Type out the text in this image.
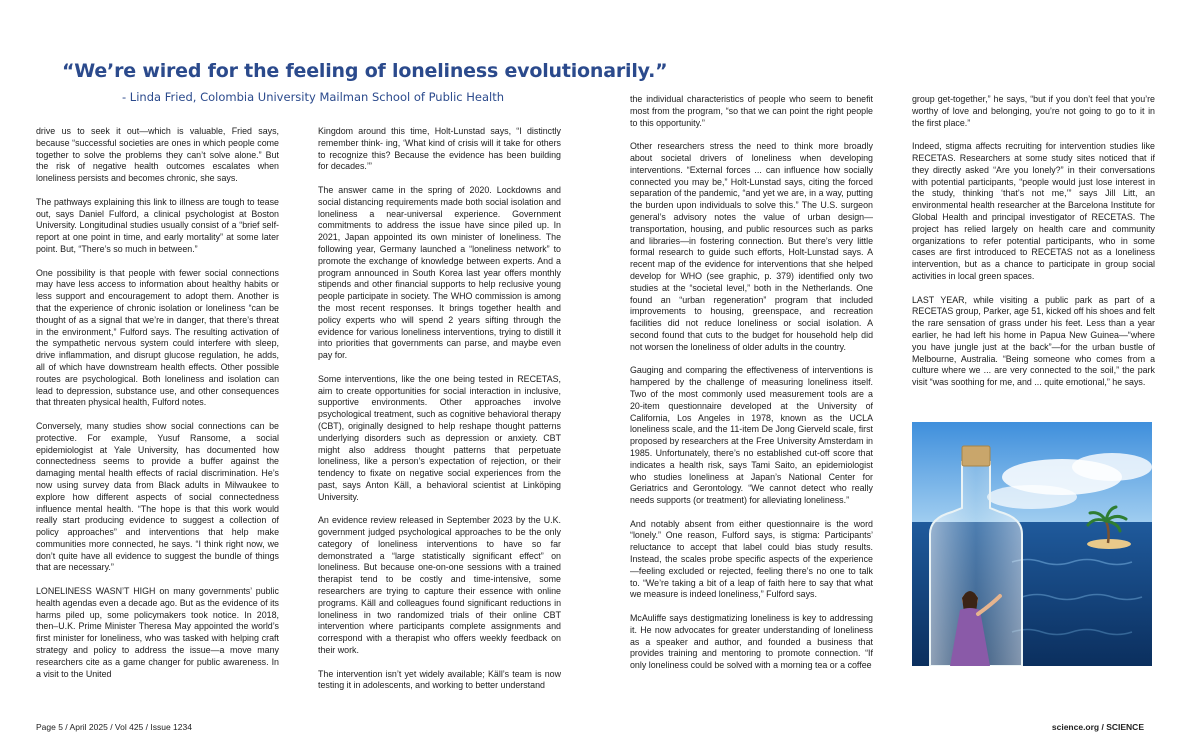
“We’re wired for the feeling of loneliness evolutionarily.”
- Linda Fried, Colombia University Mailman School of Public Health

drive us to seek it out—which is valuable, Fried says, because “successful societies are ones in which people come together to solve the problems they can’t solve alone.” But the risk of negative health outcomes escalates when loneliness persists and becomes chronic, she says.

The pathways explaining this link to illness are tough to tease out, says Daniel Fulford, a clinical psychologist at Boston University. Longitudinal studies usually consist of a “brief self-report at one point in time, and early mortality” at some later point. But, “There’s so much in between.”

One possibility is that people with fewer social connections may have less access to information about healthy habits or less support and encouragement to adopt them. Another is that the experience of chronic isolation or loneliness “can be thought of as a signal that we’re in danger, that there’s threat in the environment,” Fulford says. The resulting activation of the sympathetic nervous system could interfere with sleep, drive inflammation, and disrupt glucose regulation, he adds, all of which have downstream health effects. Other possible routes are psychological. Both loneliness and isolation can lead to depression, substance use, and other consequences that threaten physical health, Fulford notes.

Conversely, many studies show social connections can be protective. For example, Yusuf Ransome, a social epidemiologist at Yale University, has documented how connectedness seems to provide a buffer against the damaging mental health effects of racial discrimination. He’s now using survey data from Black adults in Milwaukee to explore how different aspects of social connectedness influence mental health. “The hope is that this work would really start producing evidence to suggest a collection of policy approaches” and interventions that help make communities more connected, he says. “I think right now, we don’t quite have all evidence to suggest the bundle of things that are necessary.”

LONELINESS WASN’T HIGH on many governments’ public health agendas even a decade ago. But as the evidence of its harms piled up, some policymakers took notice. In 2018, then–U.K. Prime Minister Theresa May appointed the world’s first minister for loneliness, who was tasked with helping craft strategy and policy to address the issue—a move many researchers cite as a game changer for public awareness. In a visit to the United

Kingdom around this time, Holt-Lunstad says, “I distinctly remember think- ing, ‘What kind of crisis will it take for others to recognize this? Because the evidence has been building for decades.’”

The answer came in the spring of 2020. Lockdowns and social distancing requirements made both social isolation and loneliness a near-universal experience. Government commitments to address the issue have since piled up. In 2021, Japan appointed its own minister of loneliness. The following year, Germany launched a “loneliness network” to promote the exchange of knowledge between experts. And a program announced in South Korea last year offers monthly stipends and other financial supports to help reclusive young people participate in society. The WHO commission is among the most recent responses. It brings together health and policy experts who will spend 2 years sifting through the evidence for various loneliness interventions, trying to distill it into priorities that governments can parse, and maybe even pay for.

Some interventions, like the one being tested in RECETAS, aim to create opportunities for social interaction in inclusive, supportive environments. Other approaches involve psychological treatment, such as cognitive behavioral therapy (CBT), originally designed to help reshape thought patterns underlying disorders such as depression or anxiety. CBT might also address thought patterns that perpetuate loneliness, like a person’s expectation of rejection, or their tendency to fixate on negative social experiences from the past, says Anton Käll, a behavioral scientist at Linköping University.

An evidence review released in September 2023 by the U.K. government judged psychological approaches to be the only category of loneliness interventions to have so far demonstrated a “large statistically significant effect” on loneliness. But because one-on-one sessions with a trained therapist tend to be costly and time-intensive, some researchers are trying to capture their essence with online programs. Käll and colleagues found significant reductions in loneliness in two randomized trials of their online CBT intervention where participants complete assignments and correspond with a therapist who offers weekly feedback on their work.

The intervention isn’t yet widely available; Käll’s team is now testing it in adolescents, and working to better understand

the individual characteristics of people who seem to benefit most from the program, “so that we can point the right people to this opportunity.”

Other researchers stress the need to think more broadly about societal drivers of loneliness when developing interventions. “External forces ... can influence how socially connected you may be,” Holt-Lunstad says, citing the forced separation of the pandemic, “and yet we are, in a way, putting the burden upon individuals to solve this.” The U.S. surgeon general’s advisory notes the value of urban design—transportation, housing, and public resources such as parks and libraries—in fostering connection. But there’s very little formal research to guide such efforts, Holt-Lunstad says. A recent map of the evidence for interventions that she helped develop for WHO (see graphic, p. 379) identified only two studies at the “societal level,” both in the Netherlands. One found an “urban regeneration” program that included improvements to housing, greenspace, and recreation facilities did not reduce loneliness or social isolation. A second found that cuts to the budget for household help did not worsen the loneliness of older adults in the country.

Gauging and comparing the effectiveness of interventions is hampered by the challenge of measuring loneliness itself. Two of the most commonly used measurement tools are a 20-item questionnaire developed at the University of California, Los Angeles in 1978, known as the UCLA loneliness scale, and the 11-item De Jong Gierveld scale, first proposed by researchers at the Free University Amsterdam in 1985. Unfortunately, there’s no established cut-off score that indicates a health risk, says Tami Saito, an epidemiologist who studies loneliness at Japan’s National Center for Geriatrics and Gerontology. “We cannot detect who really needs supports (or treatment) for alleviating loneliness.”

And notably absent from either questionnaire is the word “lonely.” One reason, Fulford says, is stigma: Participants’ reluctance to accept that label could bias study results. Instead, the scales probe specific aspects of the experience—feeling excluded or rejected, feeling there’s no one to talk to. “We’re taking a bit of a leap of faith here to say that what we measure is indeed loneliness,” Fulford says.

McAuliffe says destigmatizing loneliness is key to addressing it. He now advocates for greater understanding of loneliness as a speaker and author, and founded a business that provides training and mentoring to promote connection. “If only loneliness could be solved with a morning tea or a coffee

group get-together,” he says, “but if you don’t feel that you’re worthy of love and belonging, you’re not going to go to it in the first place.”

Indeed, stigma affects recruiting for intervention studies like RECETAS. Researchers at some study sites noticed that if they directly asked “Are you lonely?” in their conversations with potential participants, “people would just lose interest in the study, thinking ‘that’s not me,’” says Jill Litt, an environmental health researcher at the Barcelona Institute for Global Health and principal investigator of RECETAS. The project has relied largely on health care and community organizations to refer potential participants, who in some cases are first introduced to RECETAS not as a loneliness intervention, but as a chance to participate in group social activities in local green spaces.

LAST YEAR, while visiting a public park as part of a RECETAS group, Parker, age 51, kicked off his shoes and felt the rare sensation of grass under his feet. Less than a year earlier, he had left his home in Papua New Guinea—“where you have jungle just at the back”—for the urban bustle of Melbourne, Australia. “Being someone who comes from a culture where we ... are very connected to the soil,” the park visit “was soothing for me, and ... quite emotional,” he says.

Page 5 / April 2025 / Vol 425 / Issue 1234	science.org / SCIENCE
